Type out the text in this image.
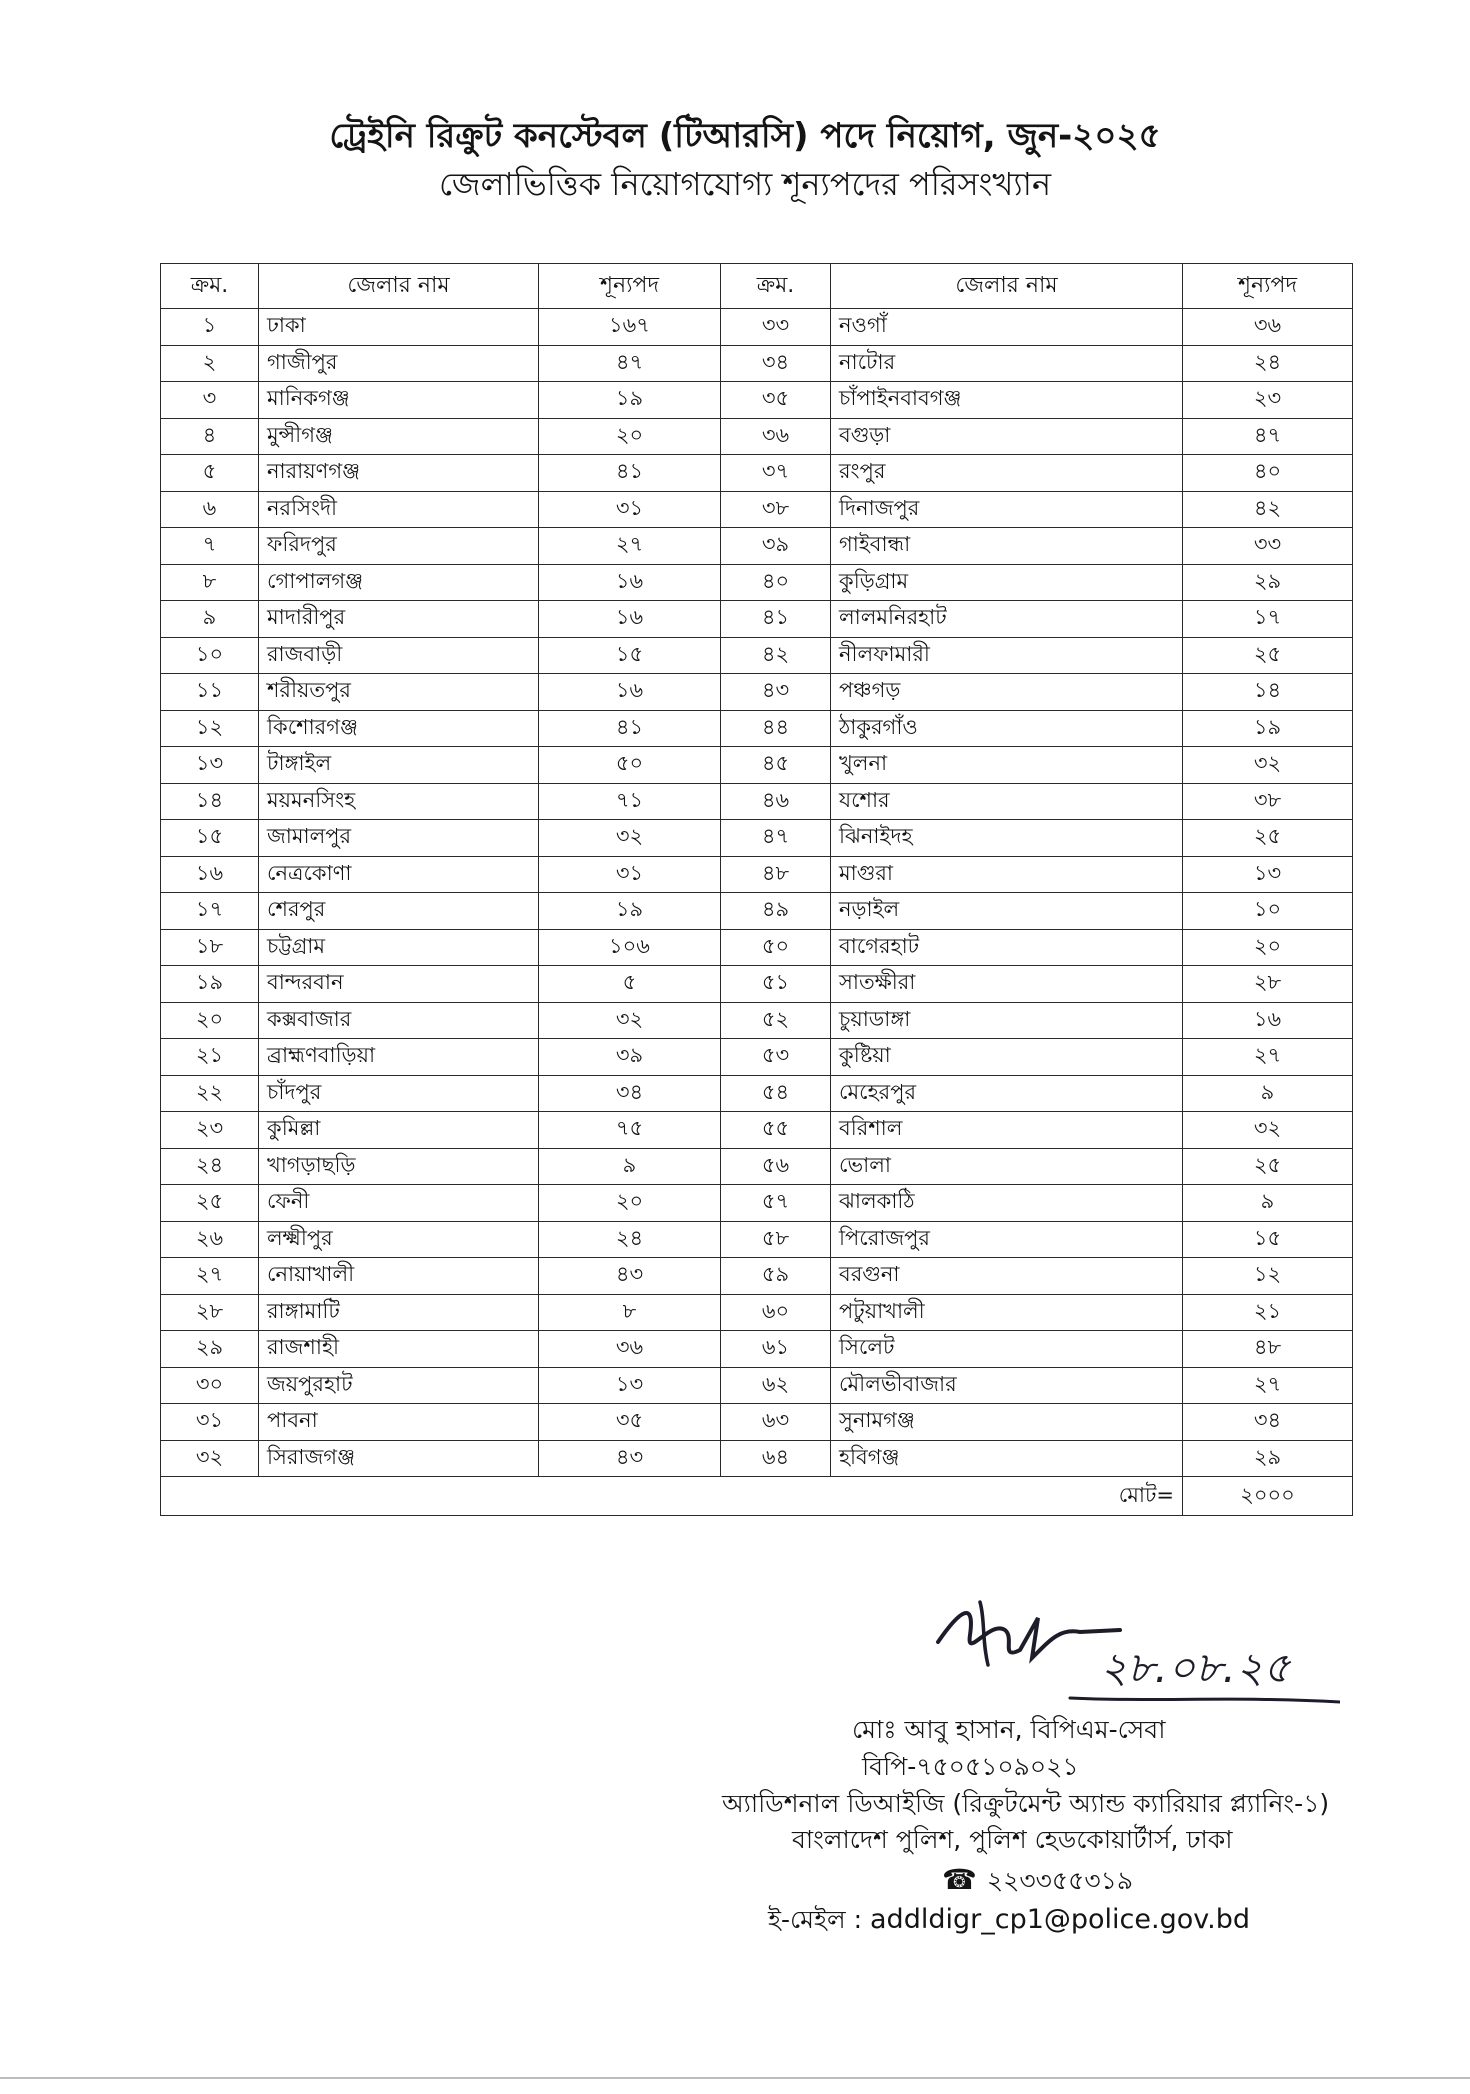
ট্রেইনি রিক্রুট কনস্টেবল (টিআরসি) পদে নিয়োগ, জুন-২০২৫
জেলাভিত্তিক নিয়োগযোগ্য শূন্যপদের পরিসংখ্যান
ক্রম.	জেলার নাম	শূন্যপদ	ক্রম.	জেলার নাম	শূন্যপদ
১	ঢাকা	১৬৭	৩৩	নওগাঁ	৩৬
২	গাজীপুর	৪৭	৩৪	নাটোর	২৪
৩	মানিকগঞ্জ	১৯	৩৫	চাঁপাইনবাবগঞ্জ	২৩
৪	মুন্সীগঞ্জ	২০	৩৬	বগুড়া	৪৭
৫	নারায়ণগঞ্জ	৪১	৩৭	রংপুর	৪০
৬	নরসিংদী	৩১	৩৮	দিনাজপুর	৪২
৭	ফরিদপুর	২৭	৩৯	গাইবান্ধা	৩৩
৮	গোপালগঞ্জ	১৬	৪০	কুড়িগ্রাম	২৯
৯	মাদারীপুর	১৬	৪১	লালমনিরহাট	১৭
১০	রাজবাড়ী	১৫	৪২	নীলফামারী	২৫
১১	শরীয়তপুর	১৬	৪৩	পঞ্চগড়	১৪
১২	কিশোরগঞ্জ	৪১	৪৪	ঠাকুরগাঁও	১৯
১৩	টাঙ্গাইল	৫০	৪৫	খুলনা	৩২
১৪	ময়মনসিংহ	৭১	৪৬	যশোর	৩৮
১৫	জামালপুর	৩২	৪৭	ঝিনাইদহ	২৫
১৬	নেত্রকোণা	৩১	৪৮	মাগুরা	১৩
১৭	শেরপুর	১৯	৪৯	নড়াইল	১০
১৮	চট্টগ্রাম	১০৬	৫০	বাগেরহাট	২০
১৯	বান্দরবান	৫	৫১	সাতক্ষীরা	২৮
২০	কক্সবাজার	৩২	৫২	চুয়াডাঙ্গা	১৬
২১	ব্রাহ্মণবাড়িয়া	৩৯	৫৩	কুষ্টিয়া	২৭
২২	চাঁদপুর	৩৪	৫৪	মেহেরপুর	৯
২৩	কুমিল্লা	৭৫	৫৫	বরিশাল	৩২
২৪	খাগড়াছড়ি	৯	৫৬	ভোলা	২৫
২৫	ফেনী	২০	৫৭	ঝালকাঠি	৯
২৬	লক্ষ্মীপুর	২৪	৫৮	পিরোজপুর	১৫
২৭	নোয়াখালী	৪৩	৫৯	বরগুনা	১২
২৮	রাঙ্গামাটি	৮	৬০	পটুয়াখালী	২১
২৯	রাজশাহী	৩৬	৬১	সিলেট	৪৮
৩০	জয়পুরহাট	১৩	৬২	মৌলভীবাজার	২৭
৩১	পাবনা	৩৫	৬৩	সুনামগঞ্জ	৩৪
৩২	সিরাজগঞ্জ	৪৩	৬৪	হবিগঞ্জ	২৯
মোট=					২০০০
২৮.০৮.২৫
মোঃ আবু হাসান, বিপিএম-সেবা
বিপি-৭৫০৫১০৯০২১
অ্যাডিশনাল ডিআইজি (রিক্রুটমেন্ট অ্যান্ড ক্যারিয়ার প্ল্যানিং-১)
বাংলাদেশ পুলিশ, পুলিশ হেডকোয়ার্টার্স, ঢাকা
☎ ২২৩৩৫৫৩১৯
ই-মেইল : addldigr_cp1@police.gov.bd
